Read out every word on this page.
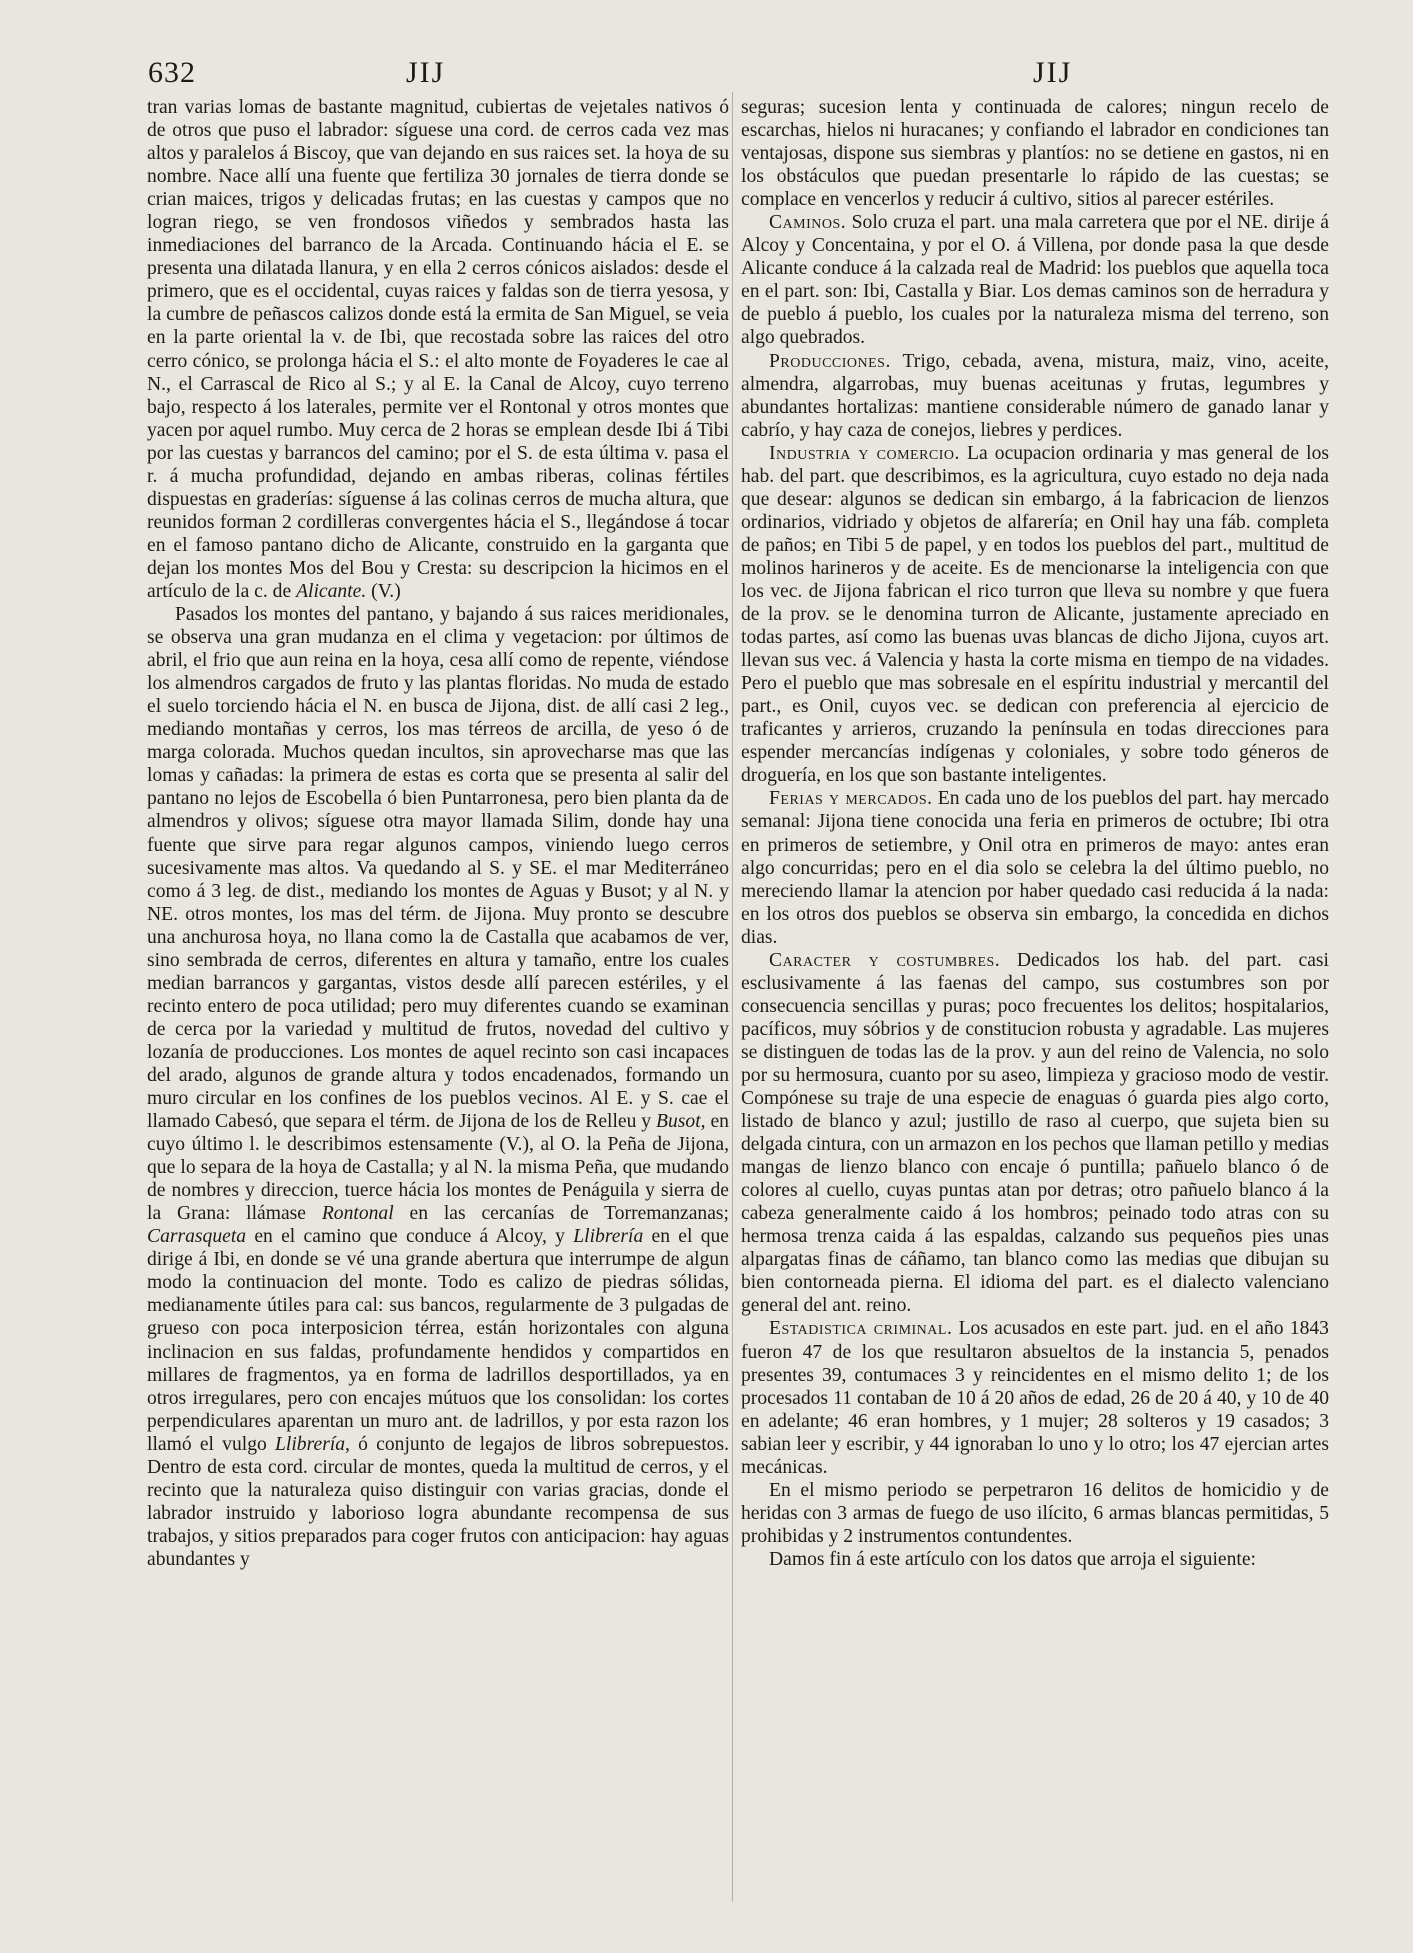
632	JIJ	JIJ

tran varias lomas de bastante magnitud, cubiertas de vejetales nativos ó de otros que puso el labrador: síguese una cord. de cerros cada vez mas altos y paralelos á Biscoy, que van dejando en sus raices set. la hoya de su nombre. Nace allí una fuente que fertiliza 30 jornales de tierra donde se crian maices, trigos y delicadas frutas; en las cuestas y campos que no logran riego, se ven frondosos viñedos y sembrados hasta las inmediaciones del barranco de la Arcada. Continuando hácia el E. se presenta una dilatada llanura, y en ella 2 cerros cónicos aislados: desde el primero, que es el occidental, cuyas raices y faldas son de tierra yesosa, y la cumbre de peñascos calizos donde está la ermita de San Miguel, se veia en la parte oriental la v. de Ibi, que recostada sobre las raices del otro cerro cónico, se prolonga hácia el S.: el alto monte de Foyaderes le cae al N., el Carrascal de Rico al S.; y al E. la Canal de Alcoy, cuyo terreno bajo, respecto á los laterales, permite ver el Rontonal y otros montes que yacen por aquel rumbo. Muy cerca de 2 horas se emplean desde Ibi á Tibi por las cuestas y barrancos del camino; por el S. de esta última v. pasa el r. á mucha profundidad, dejando en ambas riberas, colinas fértiles dispuestas en graderías: síguense á las colinas cerros de mucha altura, que reunidos forman 2 cordilleras convergentes hácia el S., llegándose á tocar en el famoso pantano dicho de Alicante, construido en la garganta que dejan los montes Mos del Bou y Cresta: su descripcion la hicimos en el artículo de la c. de Alicante. (V.)

Pasados los montes del pantano, y bajando á sus raices meridionales, se observa una gran mudanza en el clima y vegetacion: por últimos de abril, el frio que aun reina en la hoya, cesa allí como de repente, viéndose los almendros cargados de fruto y las plantas floridas. No muda de estado el suelo torciendo hácia el N. en busca de Jijona, dist. de allí casi 2 leg., mediando montañas y cerros, los mas térreos de arcilla, de yeso ó de marga colorada. Muchos quedan incultos, sin aprovecharse mas que las lomas y cañadas: la primera de estas es corta que se presenta al salir del pantano no lejos de Escobella ó bien Puntarronesa, pero bien planta da de almendros y olivos; síguese otra mayor llamada Silim, donde hay una fuente que sirve para regar algunos campos, viniendo luego cerros sucesivamente mas altos. Va quedando al S. y SE. el mar Mediterráneo como á 3 leg. de dist., mediando los montes de Aguas y Busot; y al N. y NE. otros montes, los mas del térm. de Jijona. Muy pronto se descubre una anchurosa hoya, no llana como la de Castalla que acabamos de ver, sino sembrada de cerros, diferentes en altura y tamaño, entre los cuales median barrancos y gargantas, vistos desde allí parecen estériles, y el recinto entero de poca utilidad; pero muy diferentes cuando se examinan de cerca por la variedad y multitud de frutos, novedad del cultivo y lozanía de producciones. Los montes de aquel recinto son casi incapaces del arado, algunos de grande altura y todos encadenados, formando un muro circular en los confines de los pueblos vecinos. Al E. y S. cae el llamado Cabesó, que separa el térm. de Jijona de los de Relleu y Busot, en cuyo último l. le describimos estensamente (V.), al O. la Peña de Jijona, que lo separa de la hoya de Castalla; y al N. la misma Peña, que mudando de nombres y direccion, tuerce hácia los montes de Penáguila y sierra de la Grana: llámase Rontonal en las cercanías de Torremanzanas; Carrasqueta en el camino que conduce á Alcoy, y Llibrería en el que dirige á Ibi, en donde se vé una grande abertura que interrumpe de algun modo la continuacion del monte. Todo es calizo de piedras sólidas, medianamente útiles para cal: sus bancos, regularmente de 3 pulgadas de grueso con poca interposicion térrea, están horizontales con alguna inclinacion en sus faldas, profundamente hendidos y compartidos en millares de fragmentos, ya en forma de ladrillos desportillados, ya en otros irregulares, pero con encajes mútuos que los consolidan: los cortes perpendiculares aparentan un muro ant. de ladrillos, y por esta razon los llamó el vulgo Llibrería, ó conjunto de legajos de libros sobrepuestos. Dentro de esta cord. circular de montes, queda la multitud de cerros, y el recinto que la naturaleza quiso distinguir con varias gracias, donde el labrador instruido y laborioso logra abundante recompensa de sus trabajos, y sitios preparados para coger frutos con anticipacion: hay aguas abundantes y

seguras; sucesion lenta y continuada de calores; ningun recelo de escarchas, hielos ni huracanes; y confiando el labrador en condiciones tan ventajosas, dispone sus siembras y plantíos: no se detiene en gastos, ni en los obstáculos que puedan presentarle lo rápido de las cuestas; se complace en vencerlos y reducir á cultivo, sitios al parecer estériles.

Caminos. Solo cruza el part. una mala carretera que por el NE. dirije á Alcoy y Concentaina, y por el O. á Villena, por donde pasa la que desde Alicante conduce á la calzada real de Madrid: los pueblos que aquella toca en el part. son: Ibi, Castalla y Biar. Los demas caminos son de herradura y de pueblo á pueblo, los cuales por la naturaleza misma del terreno, son algo quebrados.

Producciones. Trigo, cebada, avena, mistura, maiz, vino, aceite, almendra, algarrobas, muy buenas aceitunas y frutas, legumbres y abundantes hortalizas: mantiene considerable número de ganado lanar y cabrío, y hay caza de conejos, liebres y perdices.

Industria y comercio. La ocupacion ordinaria y mas general de los hab. del part. que describimos, es la agricultura, cuyo estado no deja nada que desear: algunos se dedican sin embargo, á la fabricacion de lienzos ordinarios, vidriado y objetos de alfarería; en Onil hay una fáb. completa de paños; en Tibi 5 de papel, y en todos los pueblos del part., multitud de molinos harineros y de aceite. Es de mencionarse la inteligencia con que los vec. de Jijona fabrican el rico turron que lleva su nombre y que fuera de la prov. se le denomina turron de Alicante, justamente apreciado en todas partes, así como las buenas uvas blancas de dicho Jijona, cuyos art. llevan sus vec. á Valencia y hasta la corte misma en tiempo de na vidades. Pero el pueblo que mas sobresale en el espíritu industrial y mercantil del part., es Onil, cuyos vec. se dedican con preferencia al ejercicio de traficantes y arrieros, cruzando la península en todas direcciones para espender mercancías indígenas y coloniales, y sobre todo géneros de droguería, en los que son bastante inteligentes.

Ferias y mercados. En cada uno de los pueblos del part. hay mercado semanal: Jijona tiene conocida una feria en primeros de octubre; Ibi otra en primeros de setiembre, y Onil otra en primeros de mayo: antes eran algo concurridas; pero en el dia solo se celebra la del último pueblo, no mereciendo llamar la atencion por haber quedado casi reducida á la nada: en los otros dos pueblos se observa sin embargo, la concedida en dichos dias.

Caracter y costumbres. Dedicados los hab. del part. casi esclusivamente á las faenas del campo, sus costumbres son por consecuencia sencillas y puras; poco frecuentes los delitos; hospitalarios, pacíficos, muy sóbrios y de constitucion robusta y agradable. Las mujeres se distinguen de todas las de la prov. y aun del reino de Valencia, no solo por su hermosura, cuanto por su aseo, limpieza y gracioso modo de vestir. Compónese su traje de una especie de enaguas ó guarda pies algo corto, listado de blanco y azul; justillo de raso al cuerpo, que sujeta bien su delgada cintura, con un armazon en los pechos que llaman petillo y medias mangas de lienzo blanco con encaje ó puntilla; pañuelo blanco ó de colores al cuello, cuyas puntas atan por detras; otro pañuelo blanco á la cabeza generalmente caido á los hombros; peinado todo atras con su hermosa trenza caida á las espaldas, calzando sus pequeños pies unas alpargatas finas de cáñamo, tan blanco como las medias que dibujan su bien contorneada pierna. El idioma del part. es el dialecto valenciano general del ant. reino.

Estadistica criminal. Los acusados en este part. jud. en el año 1843 fueron 47 de los que resultaron absueltos de la instancia 5, penados presentes 39, contumaces 3 y reincidentes en el mismo delito 1; de los procesados 11 contaban de 10 á 20 años de edad, 26 de 20 á 40, y 10 de 40 en adelante; 46 eran hombres, y 1 mujer; 28 solteros y 19 casados; 3 sabian leer y escribir, y 44 ignoraban lo uno y lo otro; los 47 ejercian artes mecánicas.

En el mismo periodo se perpetraron 16 delitos de homicidio y de heridas con 3 armas de fuego de uso ilícito, 6 armas blancas permitidas, 5 prohibidas y 2 instrumentos contundentes.

Damos fin á este artículo con los datos que arroja el siguiente:
